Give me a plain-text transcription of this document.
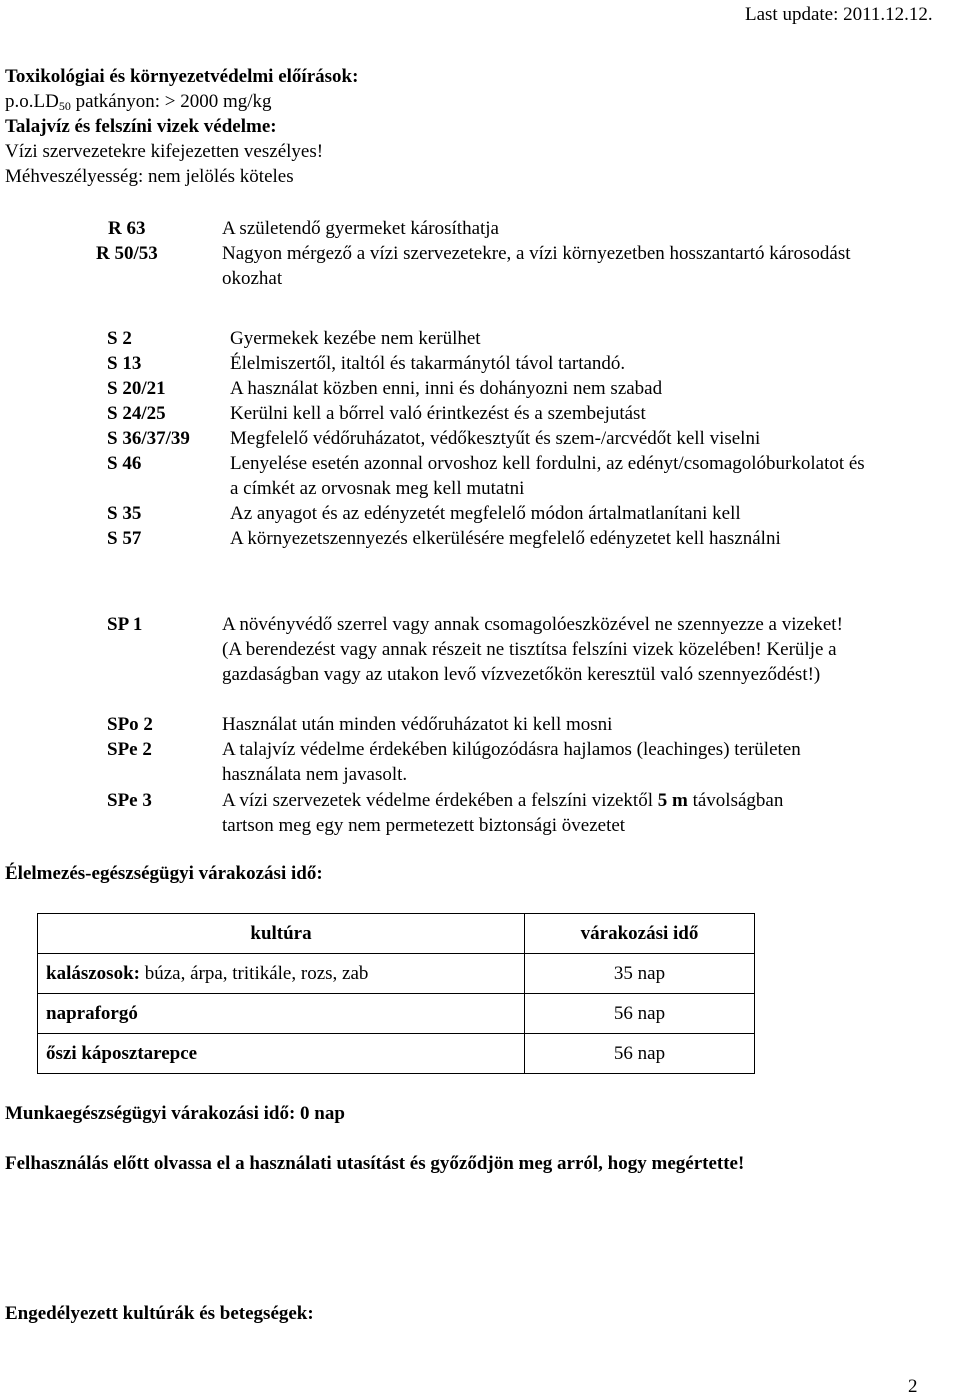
Last update: 2011.12.12.
Toxikológiai és környezetvédelmi előírások:
$p.o.LD_{50}$ patkányon: > 2000 mg/kg
Talajvíz és felszíni vizek védelme:
Vízi szervezetekre kifejezetten veszélyes!
Méhveszélyesség: nem jelölés köteles
R 63	A születendő gyermeket károsíthatja
R 50/53	Nagyon mérgező a vízi szervezetekre, a vízi környezetben hosszantartó károsodást okozhat
S 2	Gyermekek kezébe nem kerülhet
S 13	Élelmiszertől, italtól és takarmánytól távol tartandó.
S 20/21	A használat közben enni, inni és dohányozni nem szabad
S 24/25	Kerülni kell a bőrrel való érintkezést és a szembejutást
S 36/37/39 Megfelelő védőruházatot, védőkesztyűt és szem-/arcvédőt kell viselni
S 46	Lenyelése esetén azonnal orvoshoz kell fordulni, az edényt/csomagolóburkolatot és a címkét az orvosnak meg kell mutatni
S 35	Az anyagot és az edényzetét megfelelő módon ártalmatlanítani kell
S 57	A környezetszennyezés elkerülésére megfelelő edényzetet kell használni
SP 1	A növényvédő szerrel vagy annak csomagolóeszközével ne szennyezze a vizeket! (A berendezést vagy annak részeit ne tisztítsa felszíni vizek közelében! Kerülje a gazdaságban vagy az utakon levő vízvezetőkön keresztül való szennyeződést!)
SPo 2	Használat után minden védőruházatot ki kell mosni
SPe 2	A talajvíz védelme érdekében kilúgozódásra hajlamos (leachinges) területen használata nem javasolt.
SPe 3	A vízi szervezetek védelme érdekében a felszíni vizektől 5 m távolságban tartson meg egy nem permetezett biztonsági övezetet
Élelmezés-egészségügyi várakozási idő:
kultúra	várakozási idő
kalászosok: búza, árpa, tritikále, rozs, zab	35 nap
napraforgó	56 nap
őszi káposztarepce	56 nap
Munkaegészségügyi várakozási idő: 0 nap
Felhasználás előtt olvassa el a használati utasítást és győződjön meg arról, hogy megértette!
Engedélyezett kultúrák és betegségek:
2
